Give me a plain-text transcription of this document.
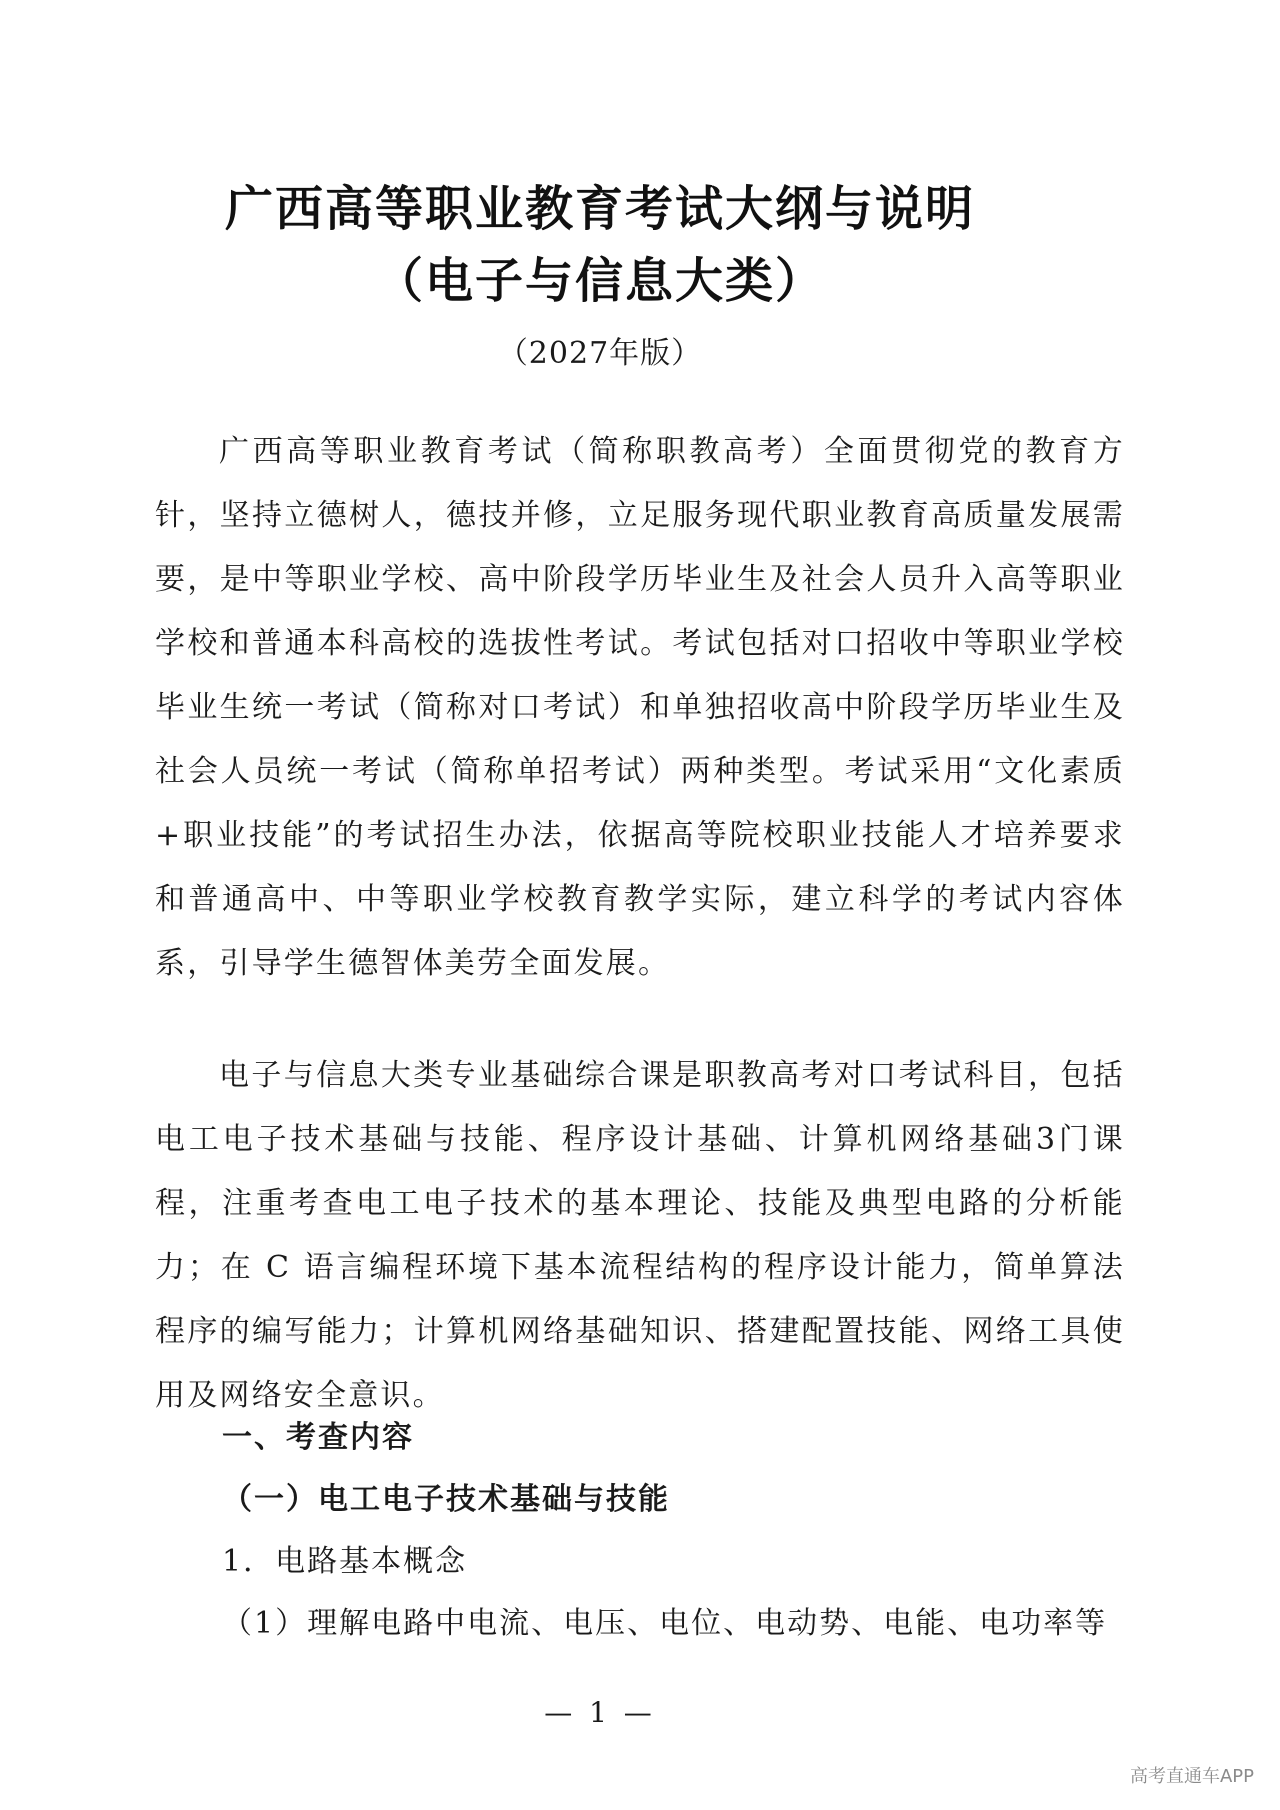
广西高等职业教育考试大纲与说明
（电子与信息大类）
（2027年版）

广西高等职业教育考试（简称职教高考）全面贯彻党的教育方针，坚持立德树人，德技并修，立足服务现代职业教育高质量发展需要，是中等职业学校、高中阶段学历毕业生及社会人员升入高等职业学校和普通本科高校的选拔性考试。考试包括对口招收中等职业学校毕业生统一考试（简称对口考试）和单独招收高中阶段学历毕业生及社会人员统一考试（简称单招考试）两种类型。考试采用“文化素质+职业技能”的考试招生办法，依据高等院校职业技能人才培养要求和普通高中、中等职业学校教育教学实际，建立科学的考试内容体系，引导学生德智体美劳全面发展。

电子与信息大类专业基础综合课是职教高考对口考试科目，包括电工电子技术基础与技能、程序设计基础、计算机网络基础3门课程，注重考查电工电子技术的基本理论、技能及典型电路的分析能力；在 C 语言编程环境下基本流程结构的程序设计能力，简单算法程序的编写能力；计算机网络基础知识、搭建配置技能、网络工具使用及网络安全意识。

一、考查内容
（一）电工电子技术基础与技能
1．电路基本概念
（1）理解电路中电流、电压、电位、电动势、电能、电功率等
— 1 —
高考直通车APP
